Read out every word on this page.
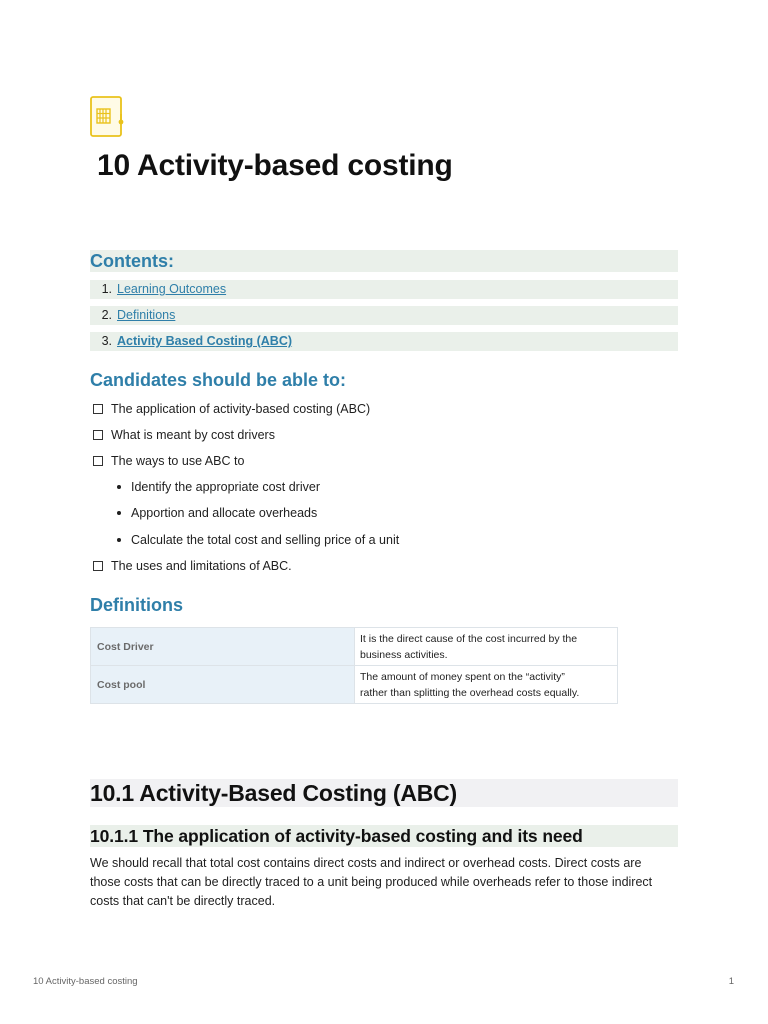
10 Activity-based costing
Contents:
1. Learning Outcomes
2. Definitions
3. Activity Based Costing (ABC)
Candidates should be able to:
The application of activity-based costing (ABC)
What is meant by cost drivers
The ways to use ABC to
Identify the appropriate cost driver
Apportion and allocate overheads
Calculate the total cost and selling price of a unit
The uses and limitations of ABC.
Definitions
Cost Driver	It is the direct cause of the cost incurred by the
business activities.
Cost pool	The amount of money spent on the “activity”
rather than splitting the overhead costs equally.
10.1 Activity-Based Costing (ABC)
10.1.1 The application of activity-based costing and its need

We should recall that total cost contains direct costs and indirect or overhead costs. Direct costs are
those costs that can be directly traced to a unit being produced while overheads refer to those indirect
costs that can't be directly traced.

10 Activity-based costing	1
